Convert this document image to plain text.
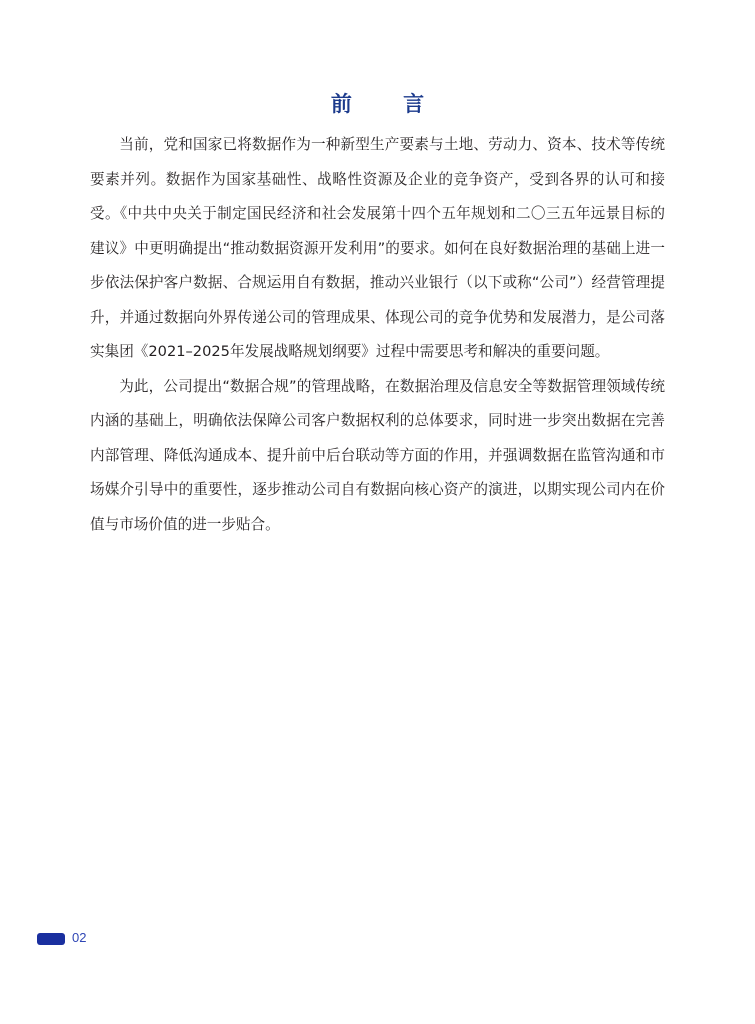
前 言

当前，党和国家已将数据作为一种新型生产要素与土地、劳动力、资本、技术等传统要素并列。数据作为国家基础性、战略性资源及企业的竞争资产，受到各界的认可和接受。《中共中央关于制定国民经济和社会发展第十四个五年规划和二〇三五年远景目标的建议》中更明确提出“推动数据资源开发利用”的要求。如何在良好数据治理的基础上进一步依法保护客户数据、合规运用自有数据，推动兴业银行（以下或称“公司”）经营管理提升，并通过数据向外界传递公司的管理成果、体现公司的竞争优势和发展潜力，是公司落实集团《2021–2025年发展战略规划纲要》过程中需要思考和解决的重要问题。

为此，公司提出“数据合规”的管理战略，在数据治理及信息安全等数据管理领域传统内涵的基础上，明确依法保障公司客户数据权利的总体要求，同时进一步突出数据在完善内部管理、降低沟通成本、提升前中后台联动等方面的作用，并强调数据在监管沟通和市场媒介引导中的重要性，逐步推动公司自有数据向核心资产的演进，以期实现公司内在价值与市场价值的进一步贴合。

02
